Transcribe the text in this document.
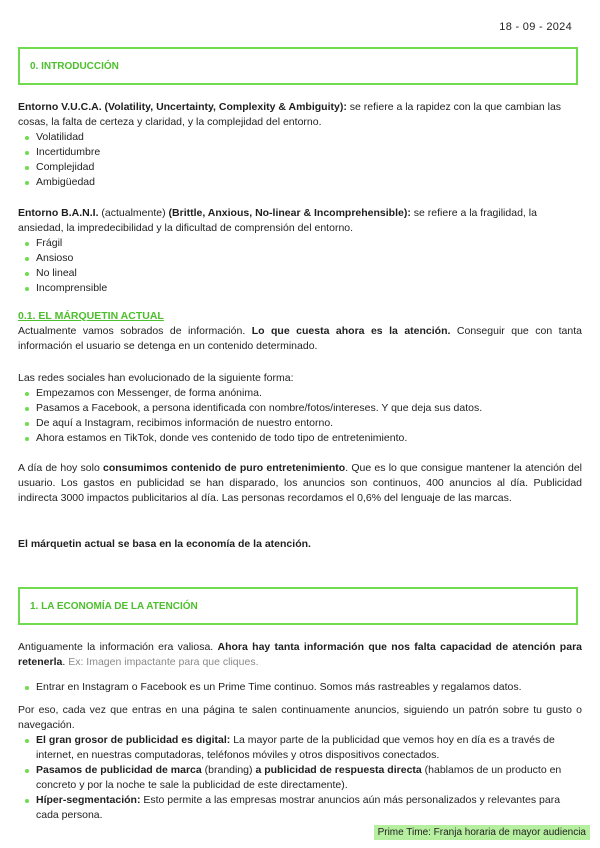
18 - 09 - 2024
0. INTRODUCCIÓN

Entorno V.U.C.A. (Volatility, Uncertainty, Complexity & Ambiguity): se refiere a la rapidez con la que cambian las cosas, la falta de certeza y claridad, y la complejidad del entorno.

Volatilidad
Incertidumbre
Complejidad
Ambigüedad

Entorno B.A.N.I. (actualmente) (Brittle, Anxious, No-linear & Incomprehensible): se refiere a la fragilidad, la ansiedad, la impredecibilidad y la dificultad de comprensión del entorno.

Frágil
Ansioso
No lineal
Incomprensible

0.1. EL MÁRQUETIN ACTUAL

Actualmente vamos sobrados de información. Lo que cuesta ahora es la atención. Conseguir que con tanta información el usuario se detenga en un contenido determinado.

Las redes sociales han evolucionado de la siguiente forma:

Empezamos con Messenger, de forma anónima.
Pasamos a Facebook, a persona identificada con nombre/fotos/intereses. Y que deja sus datos.
De aquí a Instagram, recibimos información de nuestro entorno.
Ahora estamos en TikTok, donde ves contenido de todo tipo de entretenimiento.

A día de hoy solo consumimos contenido de puro entretenimiento. Que es lo que consigue mantener la atención del usuario. Los gastos en publicidad se han disparado, los anuncios son continuos, 400 anuncios al día. Publicidad indirecta 3000 impactos publicitarios al día. Las personas recordamos el 0,6% del lenguaje de las marcas.

El márquetin actual se basa en la economía de la atención.

1. LA ECONOMÍA DE LA ATENCIÓN

Antiguamente la información era valiosa. Ahora hay tanta información que nos falta capacidad de atención para retenerla. Ex: Imagen impactante para que cliques.

Entrar en Instagram o Facebook es un Prime Time continuo. Somos más rastreables y regalamos datos.

Por eso, cada vez que entras en una página te salen continuamente anuncios, siguiendo un patrón sobre tu gusto o navegación.

El gran grosor de publicidad es digital: La mayor parte de la publicidad que vemos hoy en día es a través de internet, en nuestras computadoras, teléfonos móviles y otros dispositivos conectados.
Pasamos de publicidad de marca (branding) a publicidad de respuesta directa (hablamos de un producto en concreto y por la noche te sale la publicidad de este directamente).
Híper-segmentación: Esto permite a las empresas mostrar anuncios aún más personalizados y relevantes para cada persona.
Prime Time: Franja horaria de mayor audiencia
